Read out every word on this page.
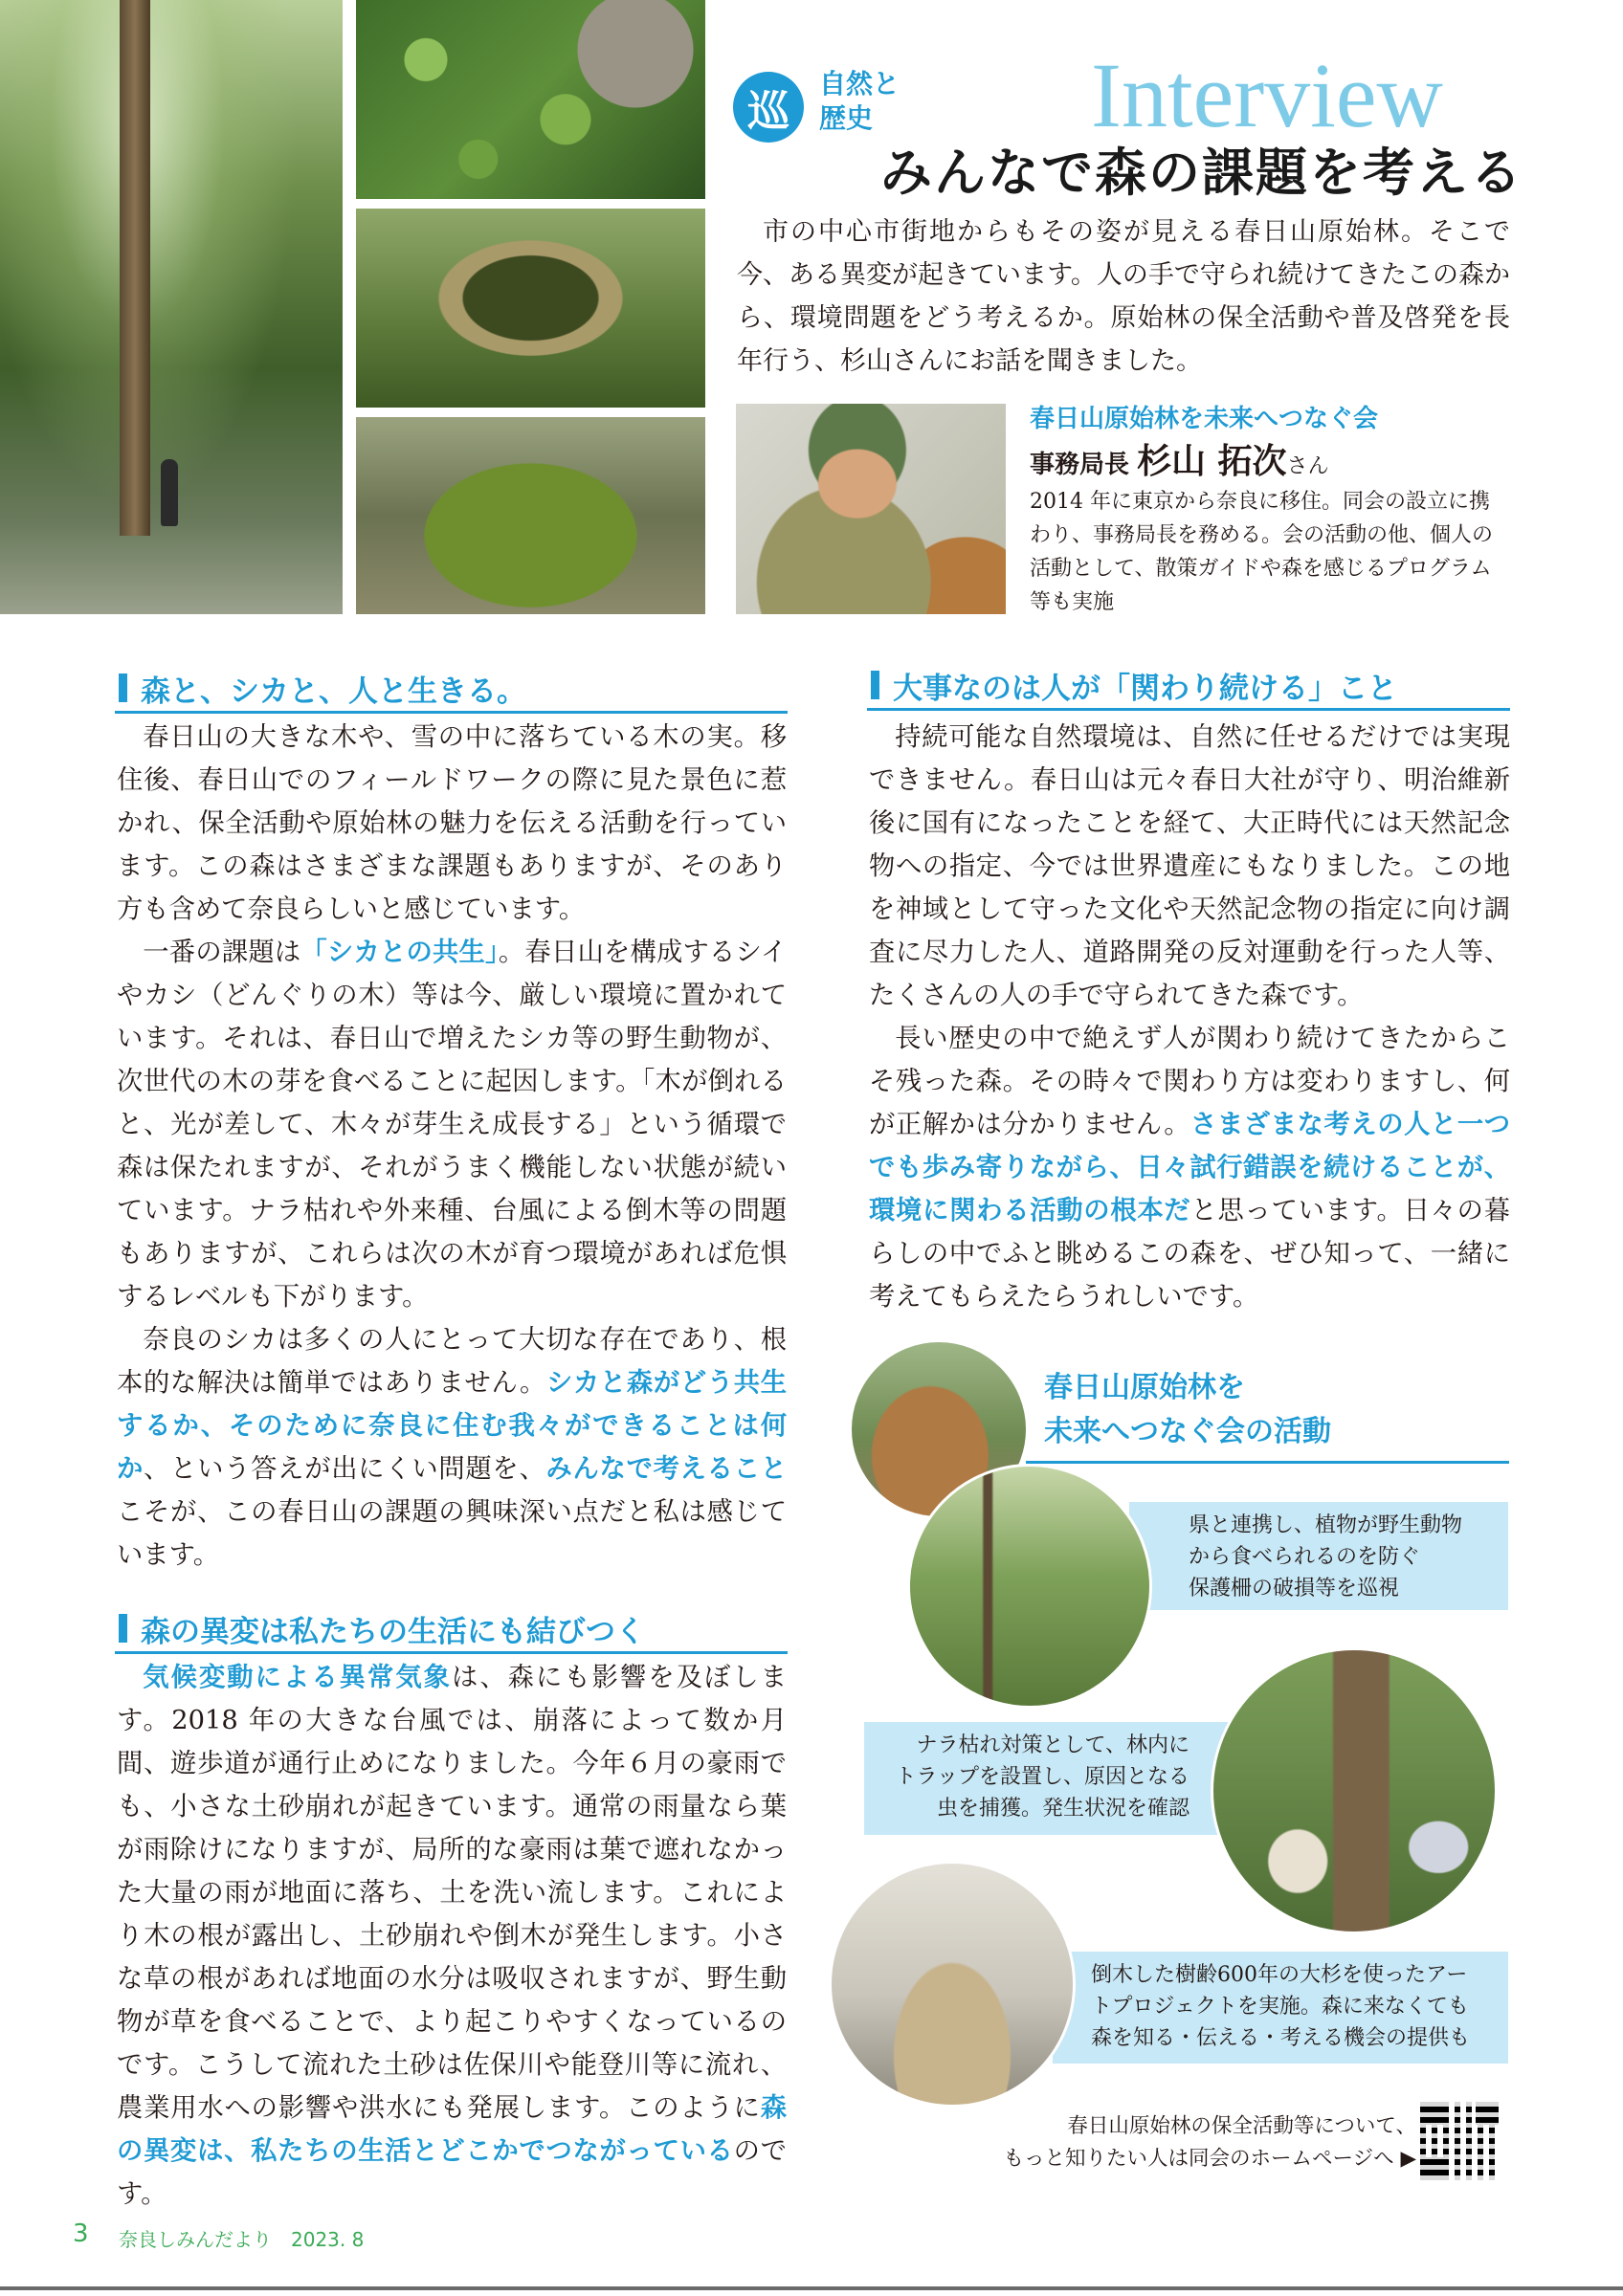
巡
自然と
歴史 Interview
みんなで森の課題を考える
市の中心市街地からもその姿が見える春日山原始林。そこで今、ある異変が起きています。人の手で守られ続けてきたこの森から、環境問題をどう考えるか。原始林の保全活動や普及啓発を長年行う、杉山さんにお話を聞きました。
春日山原始林を未来へつなぐ会
事務局長 杉山 拓次さん
2014 年に東京から奈良に移住。同会の設立に携わり、事務局長を務める。会の活動の他、個人の活動として、散策ガイドや森を感じるプログラム等も実施
森と、シカと、人と生きる。

春日山の大きな木や、雪の中に落ちている木の実。移住後、春日山でのフィールドワークの際に見た景色に惹かれ、保全活動や原始林の魅力を伝える活動を行っています。この森はさまざまな課題もありますが、そのあり方も含めて奈良らしいと感じています。

一番の課題は「シカとの共生」。春日山を構成するシイやカシ（どんぐりの木）等は今、厳しい環境に置かれています。それは、春日山で増えたシカ等の野生動物が、次世代の木の芽を食べることに起因します。「木が倒れると、光が差して、木々が芽生え成長する」という循環で森は保たれますが、それがうまく機能しない状態が続いています。ナラ枯れや外来種、台風による倒木等の問題もありますが、これらは次の木が育つ環境があれば危惧するレベルも下がります。

奈良のシカは多くの人にとって大切な存在であり、根本的な解決は簡単ではありません。シカと森がどう共生するか、そのために奈良に住む我々ができることは何か、という答えが出にくい問題を、みんなで考えることこそが、この春日山の課題の興味深い点だと私は感じています。

森の異変は私たちの生活にも結びつく

気候変動による異常気象は、森にも影響を及ぼします。2018 年の大きな台風では、崩落によって数か月間、遊歩道が通行止めになりました。今年６月の豪雨でも、小さな土砂崩れが起きています。通常の雨量なら葉が雨除けになりますが、局所的な豪雨は葉で遮れなかった大量の雨が地面に落ち、土を洗い流します。これにより木の根が露出し、土砂崩れや倒木が発生します。小さな草の根があれば地面の水分は吸収されますが、野生動物が草を食べることで、より起こりやすくなっているのです。こうして流れた土砂は佐保川や能登川等に流れ、農業用水への影響や洪水にも発展します。このように森の異変は、私たちの生活とどこかでつながっているのです。

大事なのは人が「関わり続ける」こと

持続可能な自然環境は、自然に任せるだけでは実現できません。春日山は元々春日大社が守り、明治維新後に国有になったことを経て、大正時代には天然記念物への指定、今では世界遺産にもなりました。この地を神域として守った文化や天然記念物の指定に向け調査に尽力した人、道路開発の反対運動を行った人等、たくさんの人の手で守られてきた森です。

長い歴史の中で絶えず人が関わり続けてきたからこそ残った森。その時々で関わり方は変わりますし、何が正解かは分かりません。さまざまな考えの人と一つでも歩み寄りながら、日々試行錯誤を続けることが、環境に関わる活動の根本だと思っています。日々の暮らしの中でふと眺めるこの森を、ぜひ知って、一緒に考えてもらえたらうれしいです。

春日山原始林を
未来へつなぐ会の活動
県と連携し、植物が野生動物
から食べられるのを防ぐ
保護柵の破損等を巡視
ナラ枯れ対策として、林内に
トラップを設置し、原因となる
虫を捕獲。発生状況を確認
倒木した樹齢600年の大杉を使ったアー
トプロジェクトを実施。森に来なくても
森を知る・伝える・考える機会の提供も
春日山原始林の保全活動等について、
もっと知りたい人は同会のホームページへ ▶
3 奈良しみんだより　2023. 8
